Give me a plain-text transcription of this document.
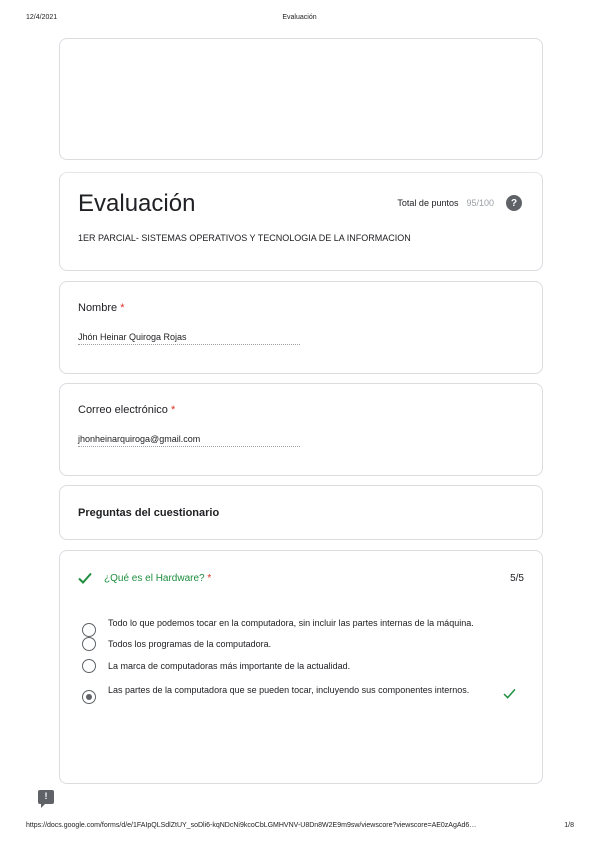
12/4/2021	Evaluación
Evaluación
1ER PARCIAL- SISTEMAS OPERATIVOS Y TECNOLOGIA DE LA INFORMACION
Total de puntos 95/100	?
Nombre *
Jhón Heinar Quiroga Rojas
Correo electrónico *
jhonheinarquiroga@gmail.com
Preguntas del cuestionario
¿Qué es el Hardware? *	5/5
Todo lo que podemos tocar en la computadora, sin incluir las partes internas de la máquina.
Todos los programas de la computadora.
La marca de computadoras más importante de la actualidad.
Las partes de la computadora que se pueden tocar, incluyendo sus componentes internos.
!
https://docs.google.com/forms/d/e/1FAIpQLSdlZtUY_soDli6-kqNDcNi9kcoCbLGMHVNV-U8Dn8W2E9m9sw/viewscore?viewscore=AE0zAgAd6…	1/8
